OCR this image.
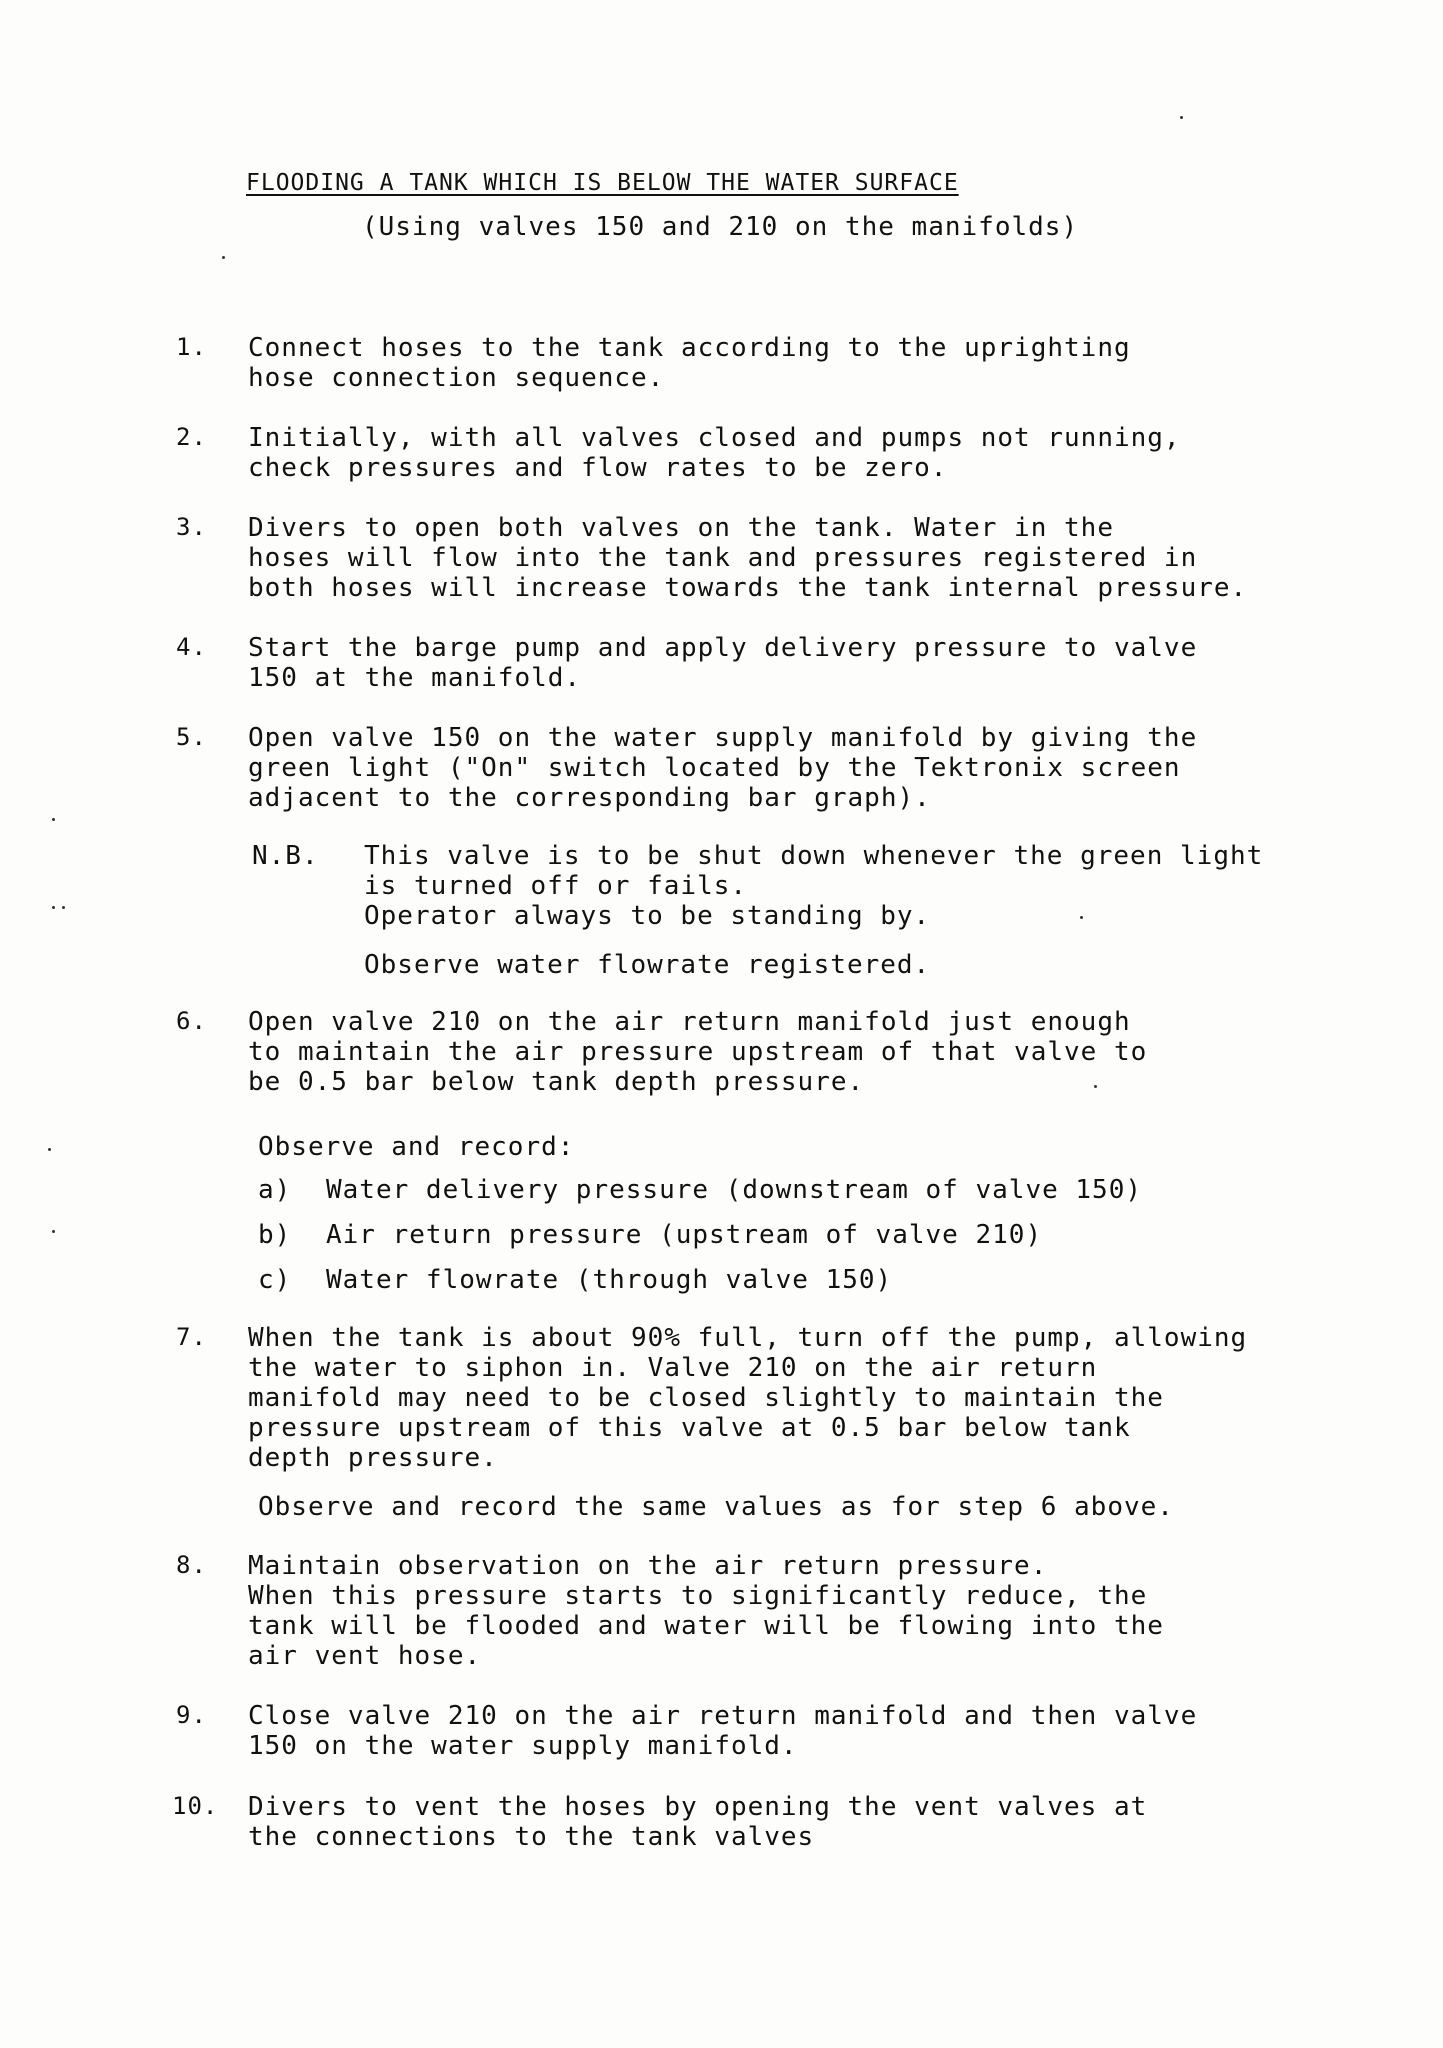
FLOODING A TANK WHICH IS BELOW THE WATER SURFACE
(Using valves 150 and 210 on the manifolds)
1.	Connect hoses to the tank according to the uprighting
hose connection sequence.
2.	Initially, with all valves closed and pumps not running,
check pressures and flow rates to be zero.
3.	Divers to open both valves on the tank. Water in the
hoses will flow into the tank and pressures registered in
both hoses will increase towards the tank internal pressure.
4.	Start the barge pump and apply delivery pressure to valve
150 at the manifold.
5.	Open valve 150 on the water supply manifold by giving the
green light ("On" switch located by the Tektronix screen
adjacent to the corresponding bar graph).
N.B. This valve is to be shut down whenever the green light
is turned off or fails.
Operator always to be standing by.
Observe water flowrate registered.
6.	Open valve 210 on the air return manifold just enough
to maintain the air pressure upstream of that valve to
be 0.5 bar below tank depth pressure.
Observe and record:
a) Water delivery pressure (downstream of valve 150)
b) Air return pressure (upstream of valve 210)
c) Water flowrate (through valve 150)
7.	When the tank is about 90% full, turn off the pump, allowing
the water to siphon in. Valve 210 on the air return
manifold may need to be closed slightly to maintain the
pressure upstream of this valve at 0.5 bar below tank
depth pressure.
Observe and record the same values as for step 6 above.
8.	Maintain observation on the air return pressure.
When this pressure starts to significantly reduce, the
tank will be flooded and water will be flowing into the
air vent hose.
9.	Close valve 210 on the air return manifold and then valve
150 on the water supply manifold.
10.	Divers to vent the hoses by opening the vent valves at
the connections to the tank valves
